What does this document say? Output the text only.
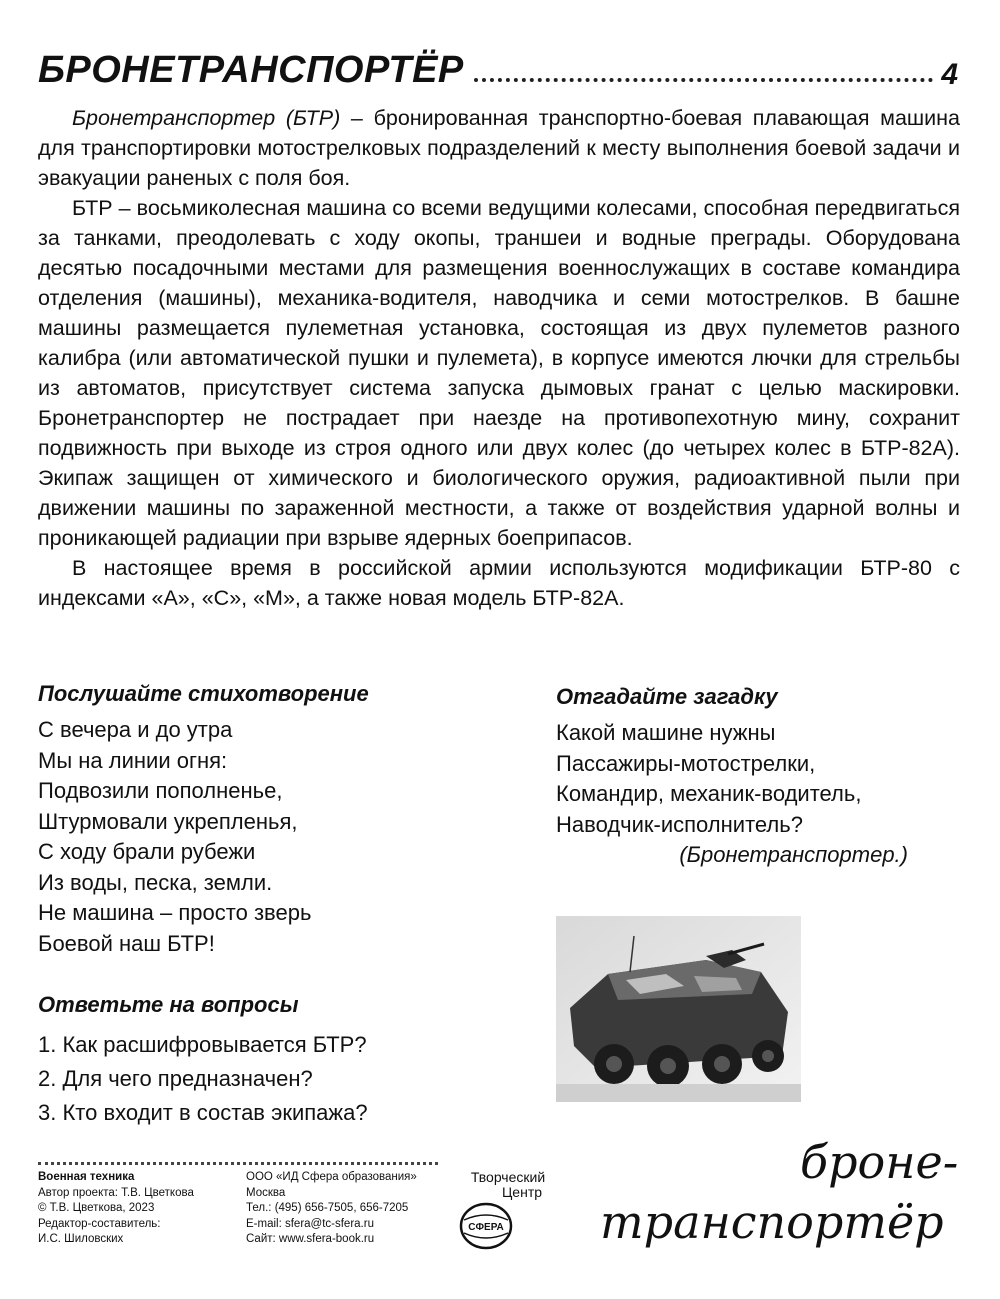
БРОНЕТРАНСПОРТЁР	4

Бронетранспортер (БТР) – бронированная транспортно-боевая плавающая машина для транспортировки мотострелковых подразделений к месту выполнения боевой задачи и эвакуации раненых с поля боя.

БТР – восьмиколесная машина со всеми ведущими колесами, способная передвигаться за танками, преодолевать с ходу окопы, траншеи и водные преграды. Оборудована десятью посадочными местами для размещения военнослужащих в составе командира отделения (машины), механика-водителя, наводчика и семи мотострелков. В башне машины размещается пулеметная установка, состоящая из двух пулеметов разного калибра (или автоматической пушки и пулемета), в корпусе имеются лючки для стрельбы из автоматов, присутствует система запуска дымовых гранат с целью маскировки. Бронетранспортер не пострадает при наезде на противопехотную мину, сохранит подвижность при выходе из строя одного или двух колес (до четырех колес в БТР-82А). Экипаж защищен от химического и биологического оружия, радиоактивной пыли при движении машины по зараженной местности, а также от воздействия ударной волны и проникающей радиации при взрыве ядерных боеприпасов.

В настоящее время в российской армии используются модификации БТР-80 с индексами «А», «С», «М», а также новая модель БТР-82А.

Послушайте стихотворение
С вечера и до утра
Мы на линии огня:
Подвозили пополненье,
Штурмовали укрепленья,
С ходу брали рубежи
Из воды, песка, земли.
Не машина – просто зверь
Боевой наш БТР!
Отгадайте загадку
Какой машине нужны
Пассажиры-мотострелки,
Командир, механик-водитель,
Наводчик-исполнитель?
(Бронетранспортер.)
Ответьте на вопросы
1. Как расшифровывается БТР?
2. Для чего предназначен?
3. Кто входит в состав экипажа?
Военная техника
Автор проекта: Т.В. Цветкова
© Т.В. Цветкова, 2023
Редактор-составитель:
И.С. Шиловских
ООО «ИД Сфера образования»
Москва
Тел.: (495) 656-7505, 656-7205
E-mail: sfera@tc-sfera.ru
Сайт: www.sfera-book.ru
Творческий
Центр
СФЕРА
броне-
транспортёр
